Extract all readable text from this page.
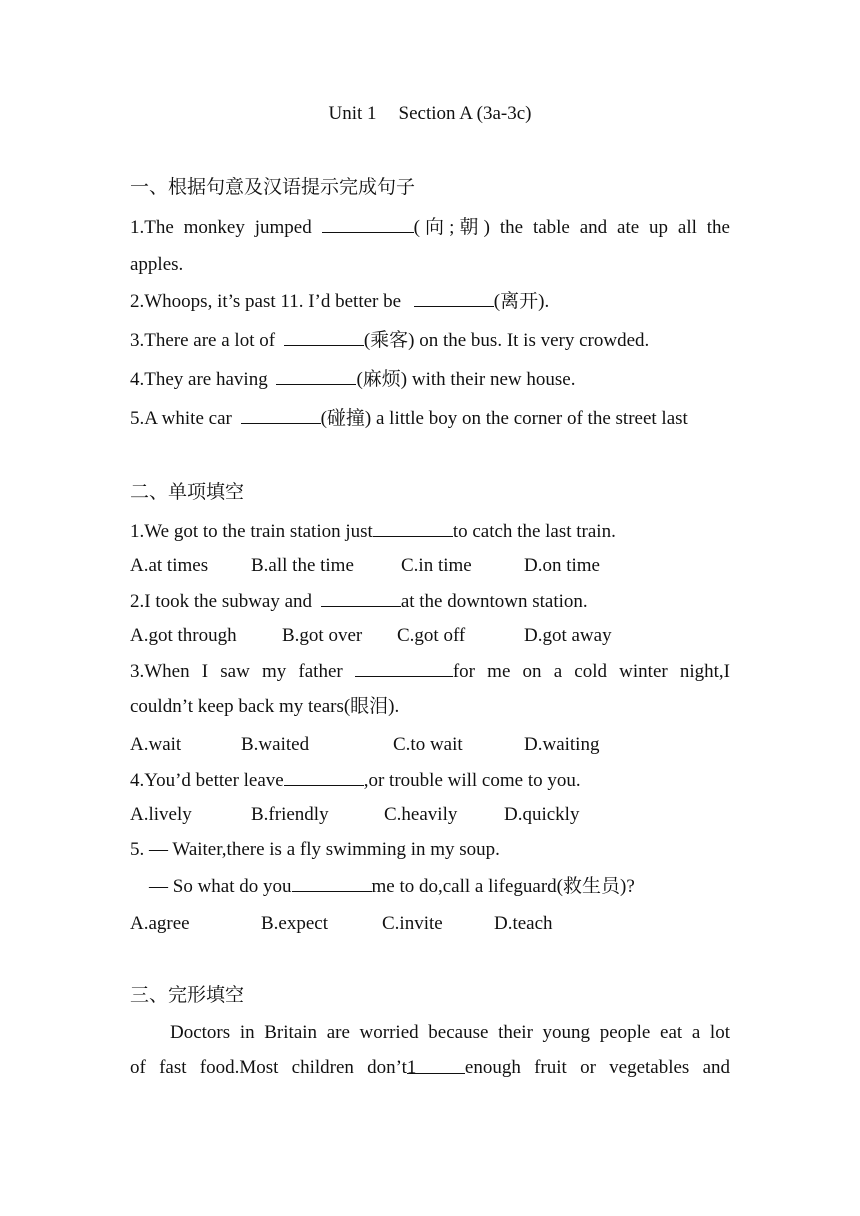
Unit 1 Section A (3a-3c)
一、根据句意及汉语提示完成句子
1.The monkey jumped	(向;朝) the table and ate up all the
apples.
2.Whoops, it’s past 11. I’d better be	(离开).
3.There are a lot of	(乘客) on the bus. It is very crowded.
4.They are having	(麻烦) with their new house.
5.A white car	(碰撞) a little boy on the corner of the street last
二、单项填空
1.We got to the train station just	to catch the last train.
A.at times B.all the time C.in time	D.on time
2.I took the subway and	at the downtown station.
A.got through B.got over C.got off	D.got away
3.When I saw my father	for me on a cold winter night,I
couldn’t keep back my tears(眼泪).
A.wait	B.waited	C.to wait	D.waiting
4.You’d better leave	,or trouble will come to you.
A.lively	B.friendly	C.heavily D.quickly
5. — Waiter,there is a fly swimming in my soup.
— So what do you	me to do,call a lifeguard(救生员)?
A.agree	B.expect	C.invite	D.teach
三、完形填空
Doctors in Britain are worried because their young people eat a lot
of fast food.Most children don’t1	enough fruit or vegetables and
